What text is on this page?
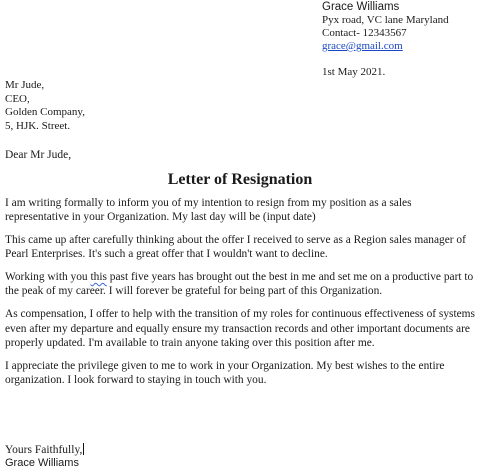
Grace Williams
Pyx road, VC lane Maryland
Contact- 12343567
grace@gmail.com
1st May 2021.
Mr Jude,
CEO,
Golden Company,
5, HJK. Street.
Dear Mr Jude,
Letter of Resignation

I am writing formally to inform you of my intention to resign from my position as a sales representative in your Organization. My last day will be (input date)

This came up after carefully thinking about the offer I received to serve as a Region sales manager of Pearl Enterprises. It's such a great offer that I wouldn't want to decline.

Working with you this past five years has brought out the best in me and set me on a productive part to the peak of my career. I will forever be grateful for being part of this Organization.

As compensation, I offer to help with the transition of my roles for continuous effectiveness of systems even after my departure and equally ensure my transaction records and other important documents are properly updated. I'm available to train anyone taking over this position after me.

I appreciate the privilege given to me to work in your Organization. My best wishes to the entire organization. I look forward to staying in touch with you.

Yours Faithfully,
Grace Williams
